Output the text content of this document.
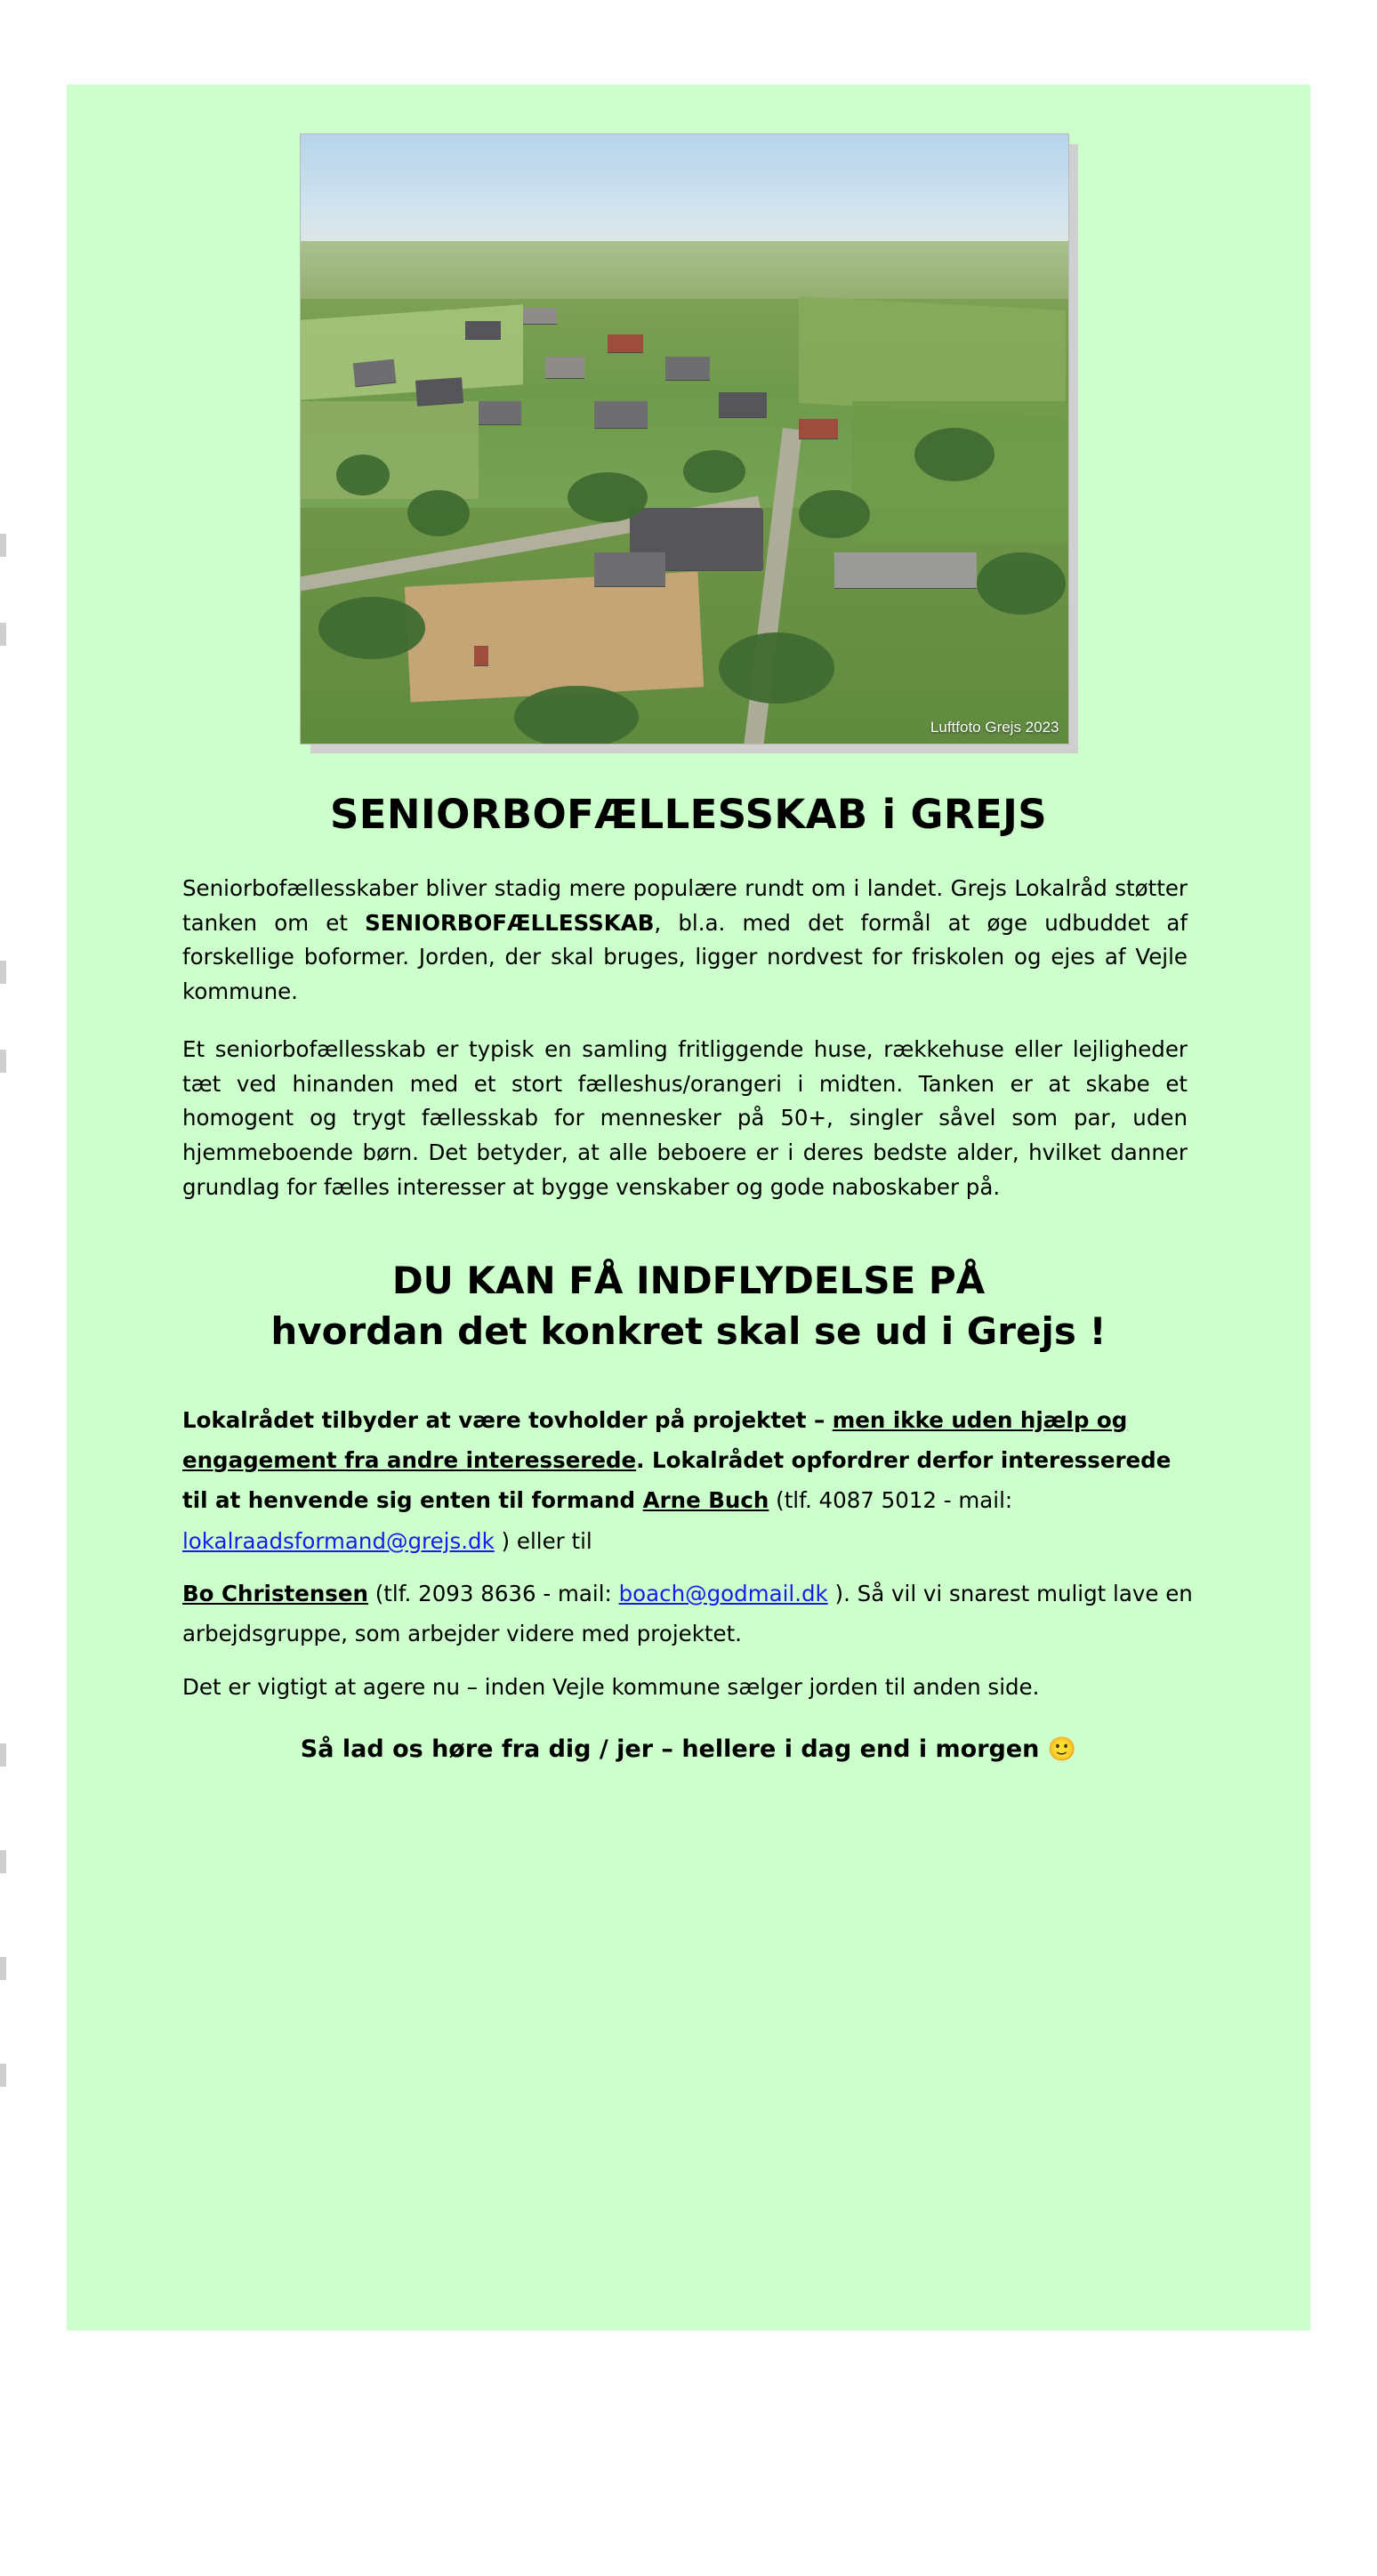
Luftfoto Grejs 2023
SENIORBOFÆLLESSKAB i GREJS

Seniorbofællesskaber bliver stadig mere populære rundt om i landet. Grejs Lokalråd støtter tanken om et SENIORBOFÆLLESSKAB, bl.a. med det formål at øge udbuddet af forskellige boformer. Jorden, der skal bruges, ligger nordvest for friskolen og ejes af Vejle kommune.

Et seniorbofællesskab er typisk en samling fritliggende huse, rækkehuse eller lejligheder tæt ved hinanden med et stort fælleshus/orangeri i midten. Tanken er at skabe et homogent og trygt fællesskab for mennesker på 50+, singler såvel som par, uden hjemmeboende børn. Det betyder, at alle beboere er i deres bedste alder, hvilket danner grundlag for fælles interesser at bygge venskaber og gode naboskaber på.

DU KAN FÅ INDFLYDELSE PÅ
hvordan det konkret skal se ud i Grejs !

Lokalrådet tilbyder at være tovholder på projektet – men ikke uden hjælp og engagement fra andre interesserede. Lokalrådet opfordrer derfor interesserede til at henvende sig enten til formand Arne Buch (tlf. 4087 5012 - mail: lokalraadsformand@grejs.dk ) eller til

Bo Christensen (tlf. 2093 8636 - mail: boach@godmail.dk ). Så vil vi snarest muligt lave en arbejdsgruppe, som arbejder videre med projektet.

Det er vigtigt at agere nu – inden Vejle kommune sælger jorden til anden side.

Så lad os høre fra dig / jer – hellere i dag end i morgen 🙂
